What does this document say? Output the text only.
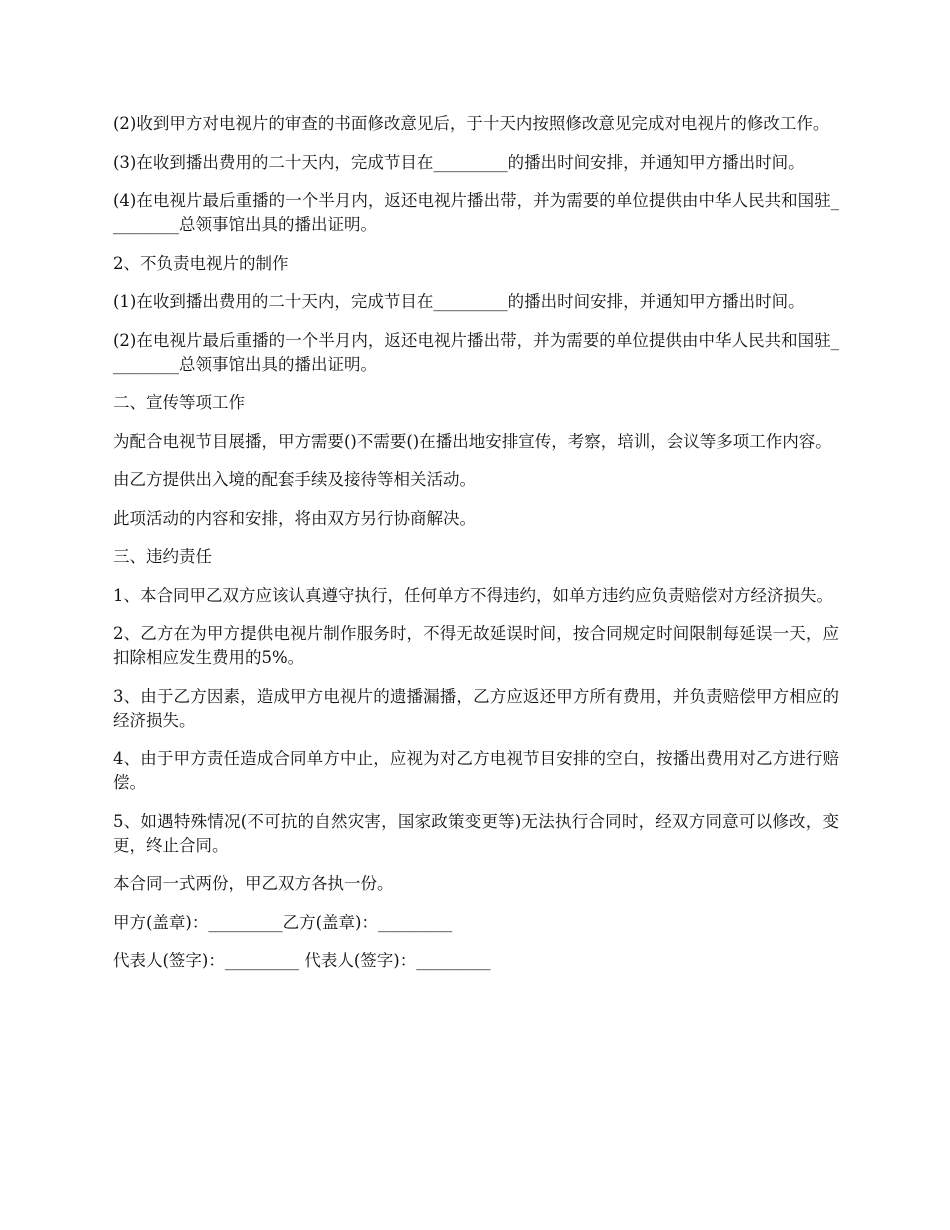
(2)收到甲方对电视片的审查的书面修改意见后，于十天内按照修改意见完成对电视片的修改工作。

(3)在收到播出费用的二十天内，完成节目在_________的播出时间安排，并通知甲方播出时间。

(4)在电视片最后重播的一个半月内，返还电视片播出带，并为需要的单位提供由中华人民共和国驻_________总领事馆出具的播出证明。

2、不负责电视片的制作

(1)在收到播出费用的二十天内，完成节目在_________的播出时间安排，并通知甲方播出时间。

(2)在电视片最后重播的一个半月内，返还电视片播出带，并为需要的单位提供由中华人民共和国驻_________总领事馆出具的播出证明。

二、宣传等项工作

为配合电视节目展播，甲方需要()不需要()在播出地安排宣传，考察，培训，会议等多项工作内容。

由乙方提供出入境的配套手续及接待等相关活动。

此项活动的内容和安排，将由双方另行协商解决。

三、违约责任

1、本合同甲乙双方应该认真遵守执行，任何单方不得违约，如单方违约应负责赔偿对方经济损失。

2、乙方在为甲方提供电视片制作服务时，不得无故延误时间，按合同规定时间限制每延误一天，应扣除相应发生费用的5%。

3、由于乙方因素，造成甲方电视片的遗播漏播，乙方应返还甲方所有费用，并负责赔偿甲方相应的经济损失。

4、由于甲方责任造成合同单方中止，应视为对乙方电视节目安排的空白，按播出费用对乙方进行赔偿。

5、如遇特殊情况(不可抗的自然灾害，国家政策变更等)无法执行合同时，经双方同意可以修改，变更，终止合同。

本合同一式两份，甲乙双方各执一份。

甲方(盖章)：_________乙方(盖章)：_________

代表人(签字)：_________ 代表人(签字)：_________
